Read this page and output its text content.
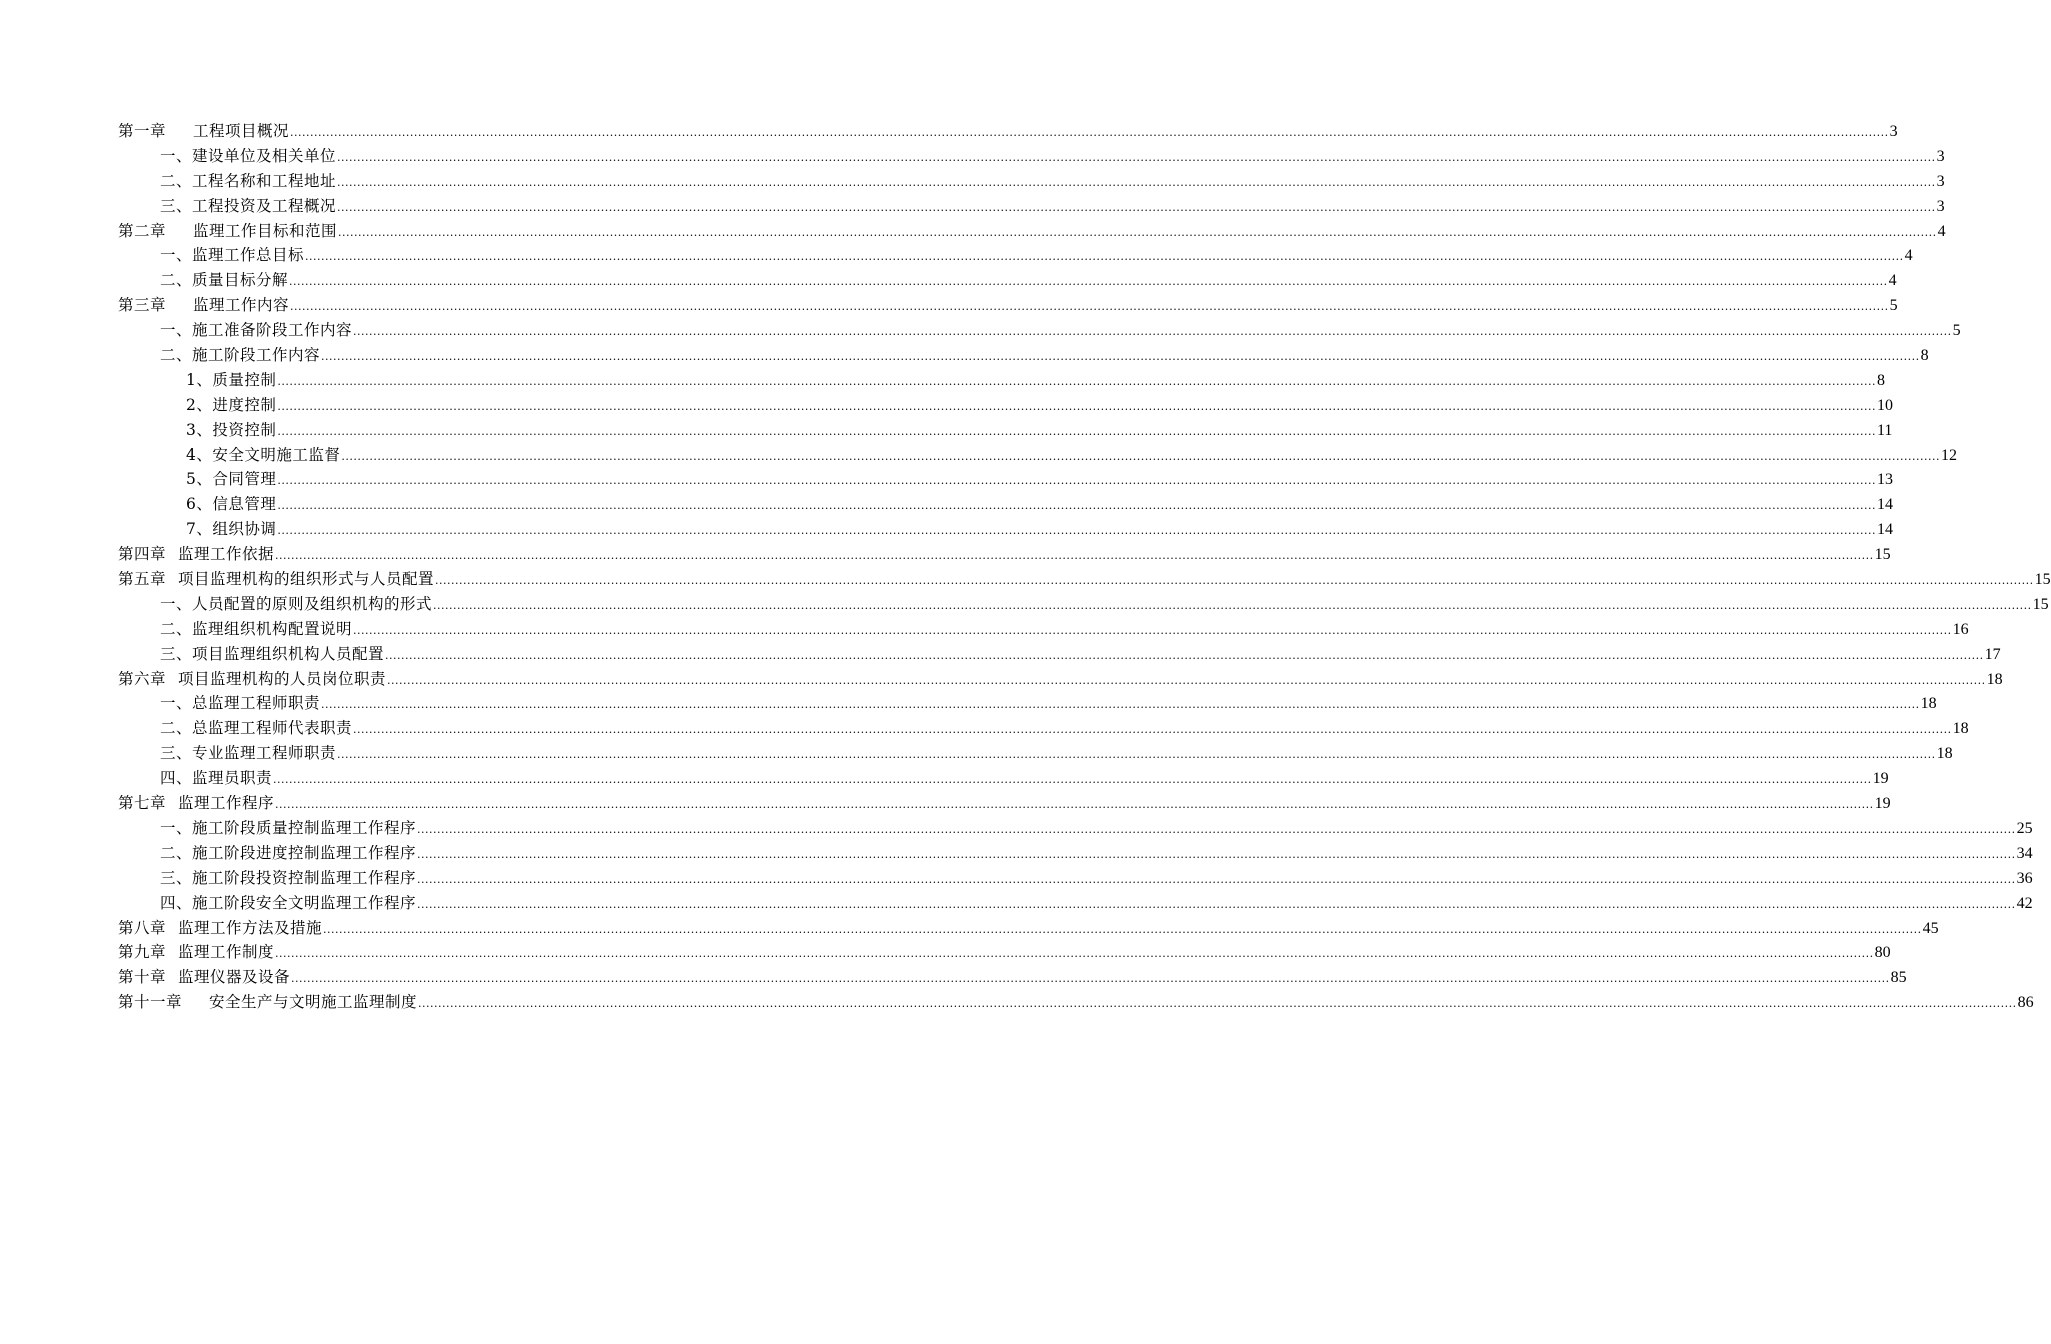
第一章 工程项目概况 ................................................................................................................................................................................................................................................................................................................................................................................................................ 3
一、建设单位及相关单位 ................................................................................................................................................................................................................................................................................................................................................................................................................ 3
二、工程名称和工程地址 ................................................................................................................................................................................................................................................................................................................................................................................................................ 3
三、工程投资及工程概况 ................................................................................................................................................................................................................................................................................................................................................................................................................ 3
第二章 监理工作目标和范围 ................................................................................................................................................................................................................................................................................................................................................................................................................ 4
一、监理工作总目标 ................................................................................................................................................................................................................................................................................................................................................................................................................ 4
二、质量目标分解 ................................................................................................................................................................................................................................................................................................................................................................................................................ 4
第三章 监理工作内容 ................................................................................................................................................................................................................................................................................................................................................................................................................ 5
一、施工准备阶段工作内容 ................................................................................................................................................................................................................................................................................................................................................................................................................ 5
二、施工阶段工作内容 ................................................................................................................................................................................................................................................................................................................................................................................................................ 8
1、质量控制 ................................................................................................................................................................................................................................................................................................................................................................................................................ 8
2、进度控制 ................................................................................................................................................................................................................................................................................................................................................................................................................ 10
3、投资控制 ................................................................................................................................................................................................................................................................................................................................................................................................................ 11
4、安全文明施工监督 ................................................................................................................................................................................................................................................................................................................................................................................................................ 12
5、合同管理 ................................................................................................................................................................................................................................................................................................................................................................................................................ 13
6、信息管理 ................................................................................................................................................................................................................................................................................................................................................................................................................ 14
7、组织协调 ................................................................................................................................................................................................................................................................................................................................................................................................................ 14
第四章 监理工作依据 ................................................................................................................................................................................................................................................................................................................................................................................................................ 15
第五章 项目监理机构的组织形式与人员配置 ................................................................................................................................................................................................................................................................................................................................................................................................................ 15
一、人员配置的原则及组织机构的形式 ................................................................................................................................................................................................................................................................................................................................................................................................................ 15
二、监理组织机构配置说明 ................................................................................................................................................................................................................................................................................................................................................................................................................ 16
三、项目监理组织机构人员配置 ................................................................................................................................................................................................................................................................................................................................................................................................................ 17
第六章 项目监理机构的人员岗位职责 ................................................................................................................................................................................................................................................................................................................................................................................................................ 18
一、总监理工程师职责 ................................................................................................................................................................................................................................................................................................................................................................................................................ 18
二、总监理工程师代表职责 ................................................................................................................................................................................................................................................................................................................................................................................................................ 18
三、专业监理工程师职责 ................................................................................................................................................................................................................................................................................................................................................................................................................ 18
四、监理员职责 ................................................................................................................................................................................................................................................................................................................................................................................................................ 19
第七章 监理工作程序 ................................................................................................................................................................................................................................................................................................................................................................................................................ 19
一、施工阶段质量控制监理工作程序 ................................................................................................................................................................................................................................................................................................................................................................................................................ 25
二、施工阶段进度控制监理工作程序 ................................................................................................................................................................................................................................................................................................................................................................................................................ 34
三、施工阶段投资控制监理工作程序 ................................................................................................................................................................................................................................................................................................................................................................................................................ 36
四、施工阶段安全文明监理工作程序 ................................................................................................................................................................................................................................................................................................................................................................................................................ 42
第八章 监理工作方法及措施 ................................................................................................................................................................................................................................................................................................................................................................................................................ 45
第九章 监理工作制度 ................................................................................................................................................................................................................................................................................................................................................................................................................ 80
第十章 监理仪器及设备 ................................................................................................................................................................................................................................................................................................................................................................................................................ 85
第十一章 安全生产与文明施工监理制度 ................................................................................................................................................................................................................................................................................................................................................................................................................ 86
